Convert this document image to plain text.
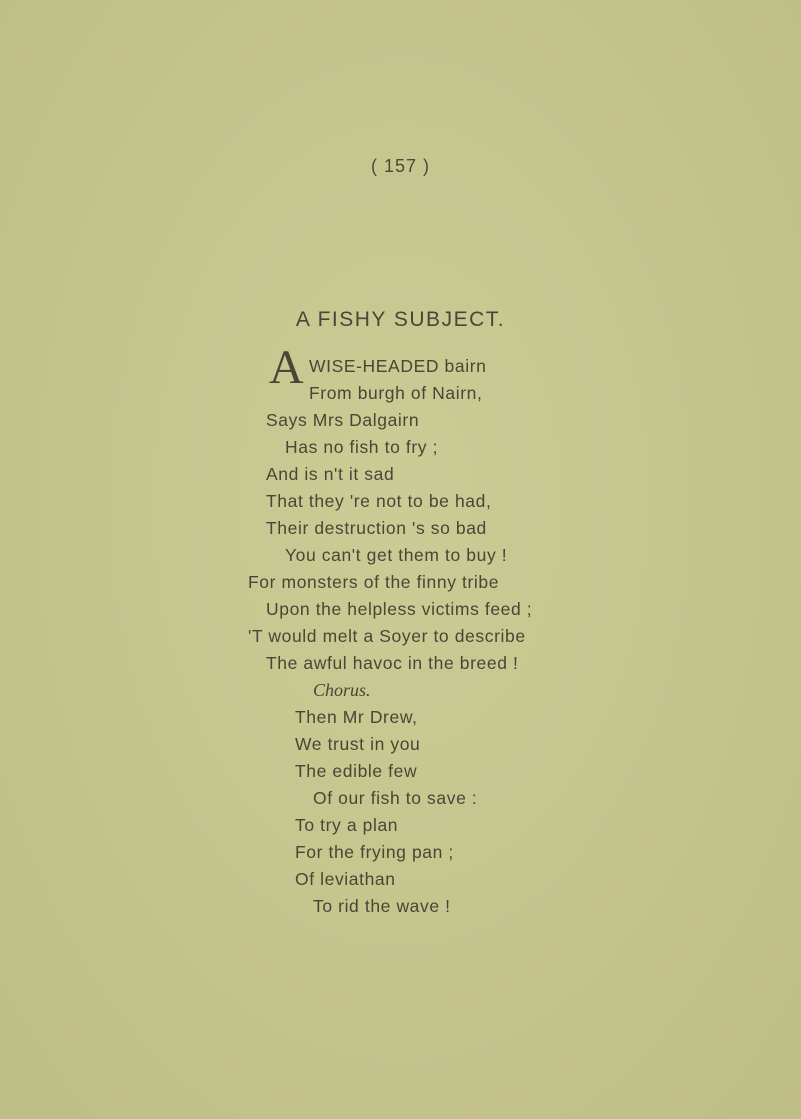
( 157 )
A FISHY SUBJECT.
A WISE-HEADED bairn
From burgh of Nairn,
Says Mrs Dalgairn
Has no fish to fry ;
And is n't it sad
That they 're not to be had,
Their destruction 's so bad
You can't get them to buy !
For monsters of the finny tribe
Upon the helpless victims feed ;
'T would melt a Soyer to describe
The awful havoc in the breed !
Chorus.
Then Mr Drew,
We trust in you
The edible few
Of our fish to save :
To try a plan
For the frying pan ;
Of leviathan
To rid the wave !
